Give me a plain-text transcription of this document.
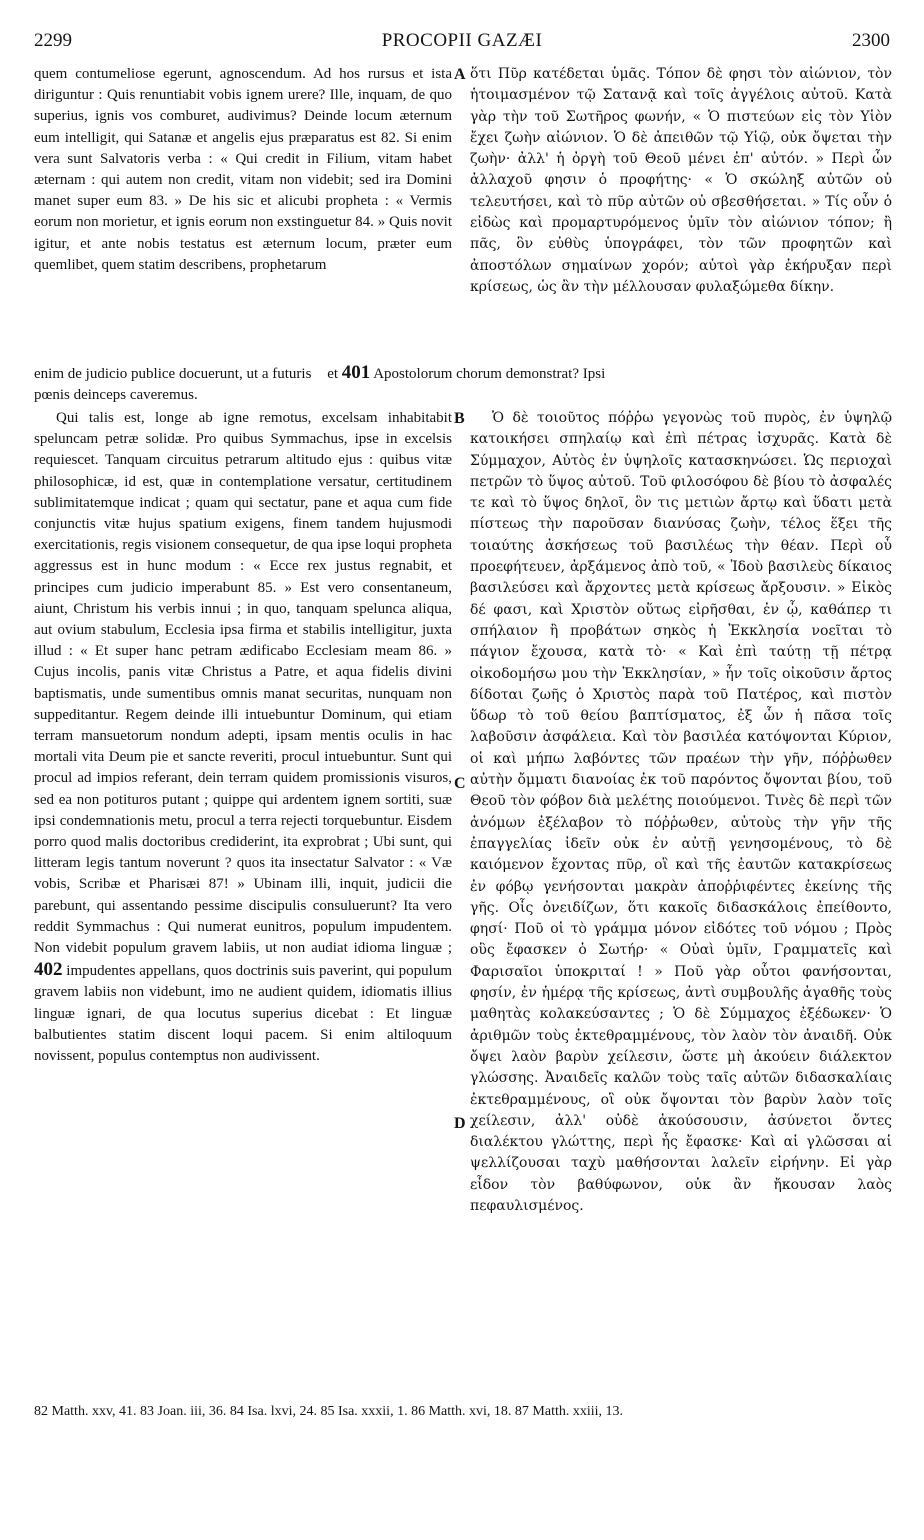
2299	PROCOPII GAZÆI	2300

quem contumeliose egerunt, agnoscendum. Ad hos rursus et ista diriguntur : Quis renuntiabit vobis ignem urere? Ille, inquam, de quo superius, ignis vos comburet, audivimus? Deinde locum æternum eum intelligit, qui Satanæ et angelis ejus præparatus est 82. Si enim vera sunt Salvatoris verba : « Qui credit in Filium, vitam habet æternam : qui autem non credit, vitam non videbit; sed ira Domini manet super eum 83. » De his sic et alicubi propheta : « Vermis eorum non morietur, et ignis eorum non exstinguetur 84. » Quis novit igitur, et ante nobis testatus est æternum locum, præter eum quemlibet, quem statim describens, prophetarum

A ὅτι Πῦρ κατέδεται ὑμᾶς. Τόπον δὲ φησι τὸν αἰώνιον, τὸν ἡτοιμασμένον τῷ Σατανᾷ καὶ τοῖς ἀγγέλοις αὐτοῦ. Κατὰ γὰρ τὴν τοῦ Σωτῆρος φωνήν, « Ὁ πιστεύων εἰς τὸν Υἱὸν ἔχει ζωὴν αἰώνιον. Ὁ δὲ ἀπειθῶν τῷ Υἱῷ, οὐκ ὄψεται τὴν ζωὴν· ἀλλ' ἡ ὀργὴ τοῦ Θεοῦ μένει ἐπ' αὐτόν. » Περὶ ὧν ἀλλαχοῦ φησιν ὁ προφήτης· « Ὁ σκώληξ αὐτῶν οὐ τελευτήσει, καὶ τὸ πῦρ αὐτῶν οὐ σβεσθήσεται. » Τίς οὖν ὁ εἰδὼς καὶ προμαρτυρόμενος ὑμῖν τὸν αἰώνιον τόπον; ἢ πᾶς, ὃν εὐθὺς ὑπογράφει, τὸν τῶν προφητῶν καὶ ἀποστόλων σημαίνων χορόν; αὐτοὶ γὰρ ἐκήρυξαν περὶ κρίσεως, ὡς ἂν τὴν μέλλουσαν φυλαξώμεθα δίκην.

enim de judicio publice docuerunt, ut a futuris et 401 Apostolorum chorum demonstrat? Ipsi
pœnis deinceps caveremus.

Qui talis est, longe ab igne remotus, excelsam inhabitabit speluncam petræ solidæ. Pro quibus Symmachus, ipse in excelsis requiescet. Tanquam circuitus petrarum altitudo ejus : quibus vitæ philosophicæ, id est, quæ in contemplatione versatur, certitudinem sublimitatemque indicat ; quam qui sectatur, pane et aqua cum fide conjunctis vitæ hujus spatium exigens, finem tandem hujusmodi exercitationis, regis visionem consequetur, de qua ipse loqui propheta aggressus est in hunc modum : « Ecce rex justus regnabit, et principes cum judicio imperabunt 85. » Est vero consentaneum, aiunt, Christum his verbis innui ; in quo, tanquam spelunca aliqua, aut ovium stabulum, Ecclesia ipsa firma et stabilis intelligitur, juxta illud : « Et super hanc petram ædificabo Ecclesiam meam 86. » Cujus incolis, panis vitæ Christus a Patre, et aqua fidelis divini baptismatis, unde sumentibus omnis manat securitas, nunquam non suppeditantur. Regem deinde illi intuebuntur Dominum, qui etiam terram mansuetorum nondum adepti, ipsam mentis oculis in hac mortali vita Deum pie et sancte reveriti, procul intuebuntur. Sunt qui procul ad impios referant, dein terram quidem promissionis visuros, sed ea non potituros putant ; quippe qui ardentem ignem sortiti, suæ ipsi condemnationis metu, procul a terra rejecti torquebuntur. Eisdem porro quod malis doctoribus crediderint, ita exprobrat ; Ubi sunt, qui litteram legis tantum noverunt ? quos ita insectatur Salvator : « Væ vobis, Scribæ et Pharisæi 87! » Ubinam illi, inquit, judicii die parebunt, qui assentando pessime discipulis consuluerunt? Ita vero reddit Symmachus : Qui numerat eunitros, populum impudentem. Non videbit populum gravem labiis, ut non audiat idioma linguæ ; 402 impudentes appellans, quos doctrinis suis paverint, qui populum gravem labiis non videbunt, imo ne audient quidem, idiomatis illius linguæ ignari, de qua locutus superius dicebat : Et linguæ balbutientes statim discent loqui pacem. Si enim altiloquum novissent, populus contemptus non audivissent.

B
C
D

Ὁ δὲ τοιοῦτος πόῤῥω γεγονὼς τοῦ πυρὸς, ἐν ὑψηλῷ κατοικήσει σπηλαίῳ καὶ ἐπὶ πέτρας ἰσχυρᾶς. Κατὰ δὲ Σύμμαχον, Αὐτὸς ἐν ὑψηλοῖς κατασκηνώσει. Ὡς περιοχαὶ πετρῶν τὸ ὕψος αὐτοῦ. Τοῦ φιλοσόφου δὲ βίου τὸ ἀσφαλές τε καὶ τὸ ὕψος δηλοῖ, ὃν τις μετιὼν ἄρτῳ καὶ ὕδατι μετὰ πίστεως τὴν παροῦσαν διανύσας ζωὴν, τέλος ἕξει τῆς τοιαύτης ἀσκήσεως τοῦ βασιλέως τὴν θέαν. Περὶ οὗ προεφήτευεν, ἀρξάμενος ἀπὸ τοῦ, « Ἰδοὺ βασιλεὺς δίκαιος βασιλεύσει καὶ ἄρχοντες μετὰ κρίσεως ἄρξουσιν. » Εἰκὸς δέ φασι, καὶ Χριστὸν οὕτως εἰρῆσθαι, ἐν ᾧ, καθάπερ τι σπήλαιον ἢ προβάτων σηκὸς ἡ Ἐκκλησία νοεῖται τὸ πάγιον ἔχουσα, κατὰ τὸ· « Καὶ ἐπὶ ταύτῃ τῇ πέτρᾳ οἰκοδομήσω μου τὴν Ἐκκλησίαν, » ἧν τοῖς οἰκοῦσιν ἄρτος δίδοται ζωῆς ὁ Χριστὸς παρὰ τοῦ Πατέρος, καὶ πιστὸν ὕδωρ τὸ τοῦ θείου βαπτίσματος, ἐξ ὧν ἡ πᾶσα τοῖς λαβοῦσιν ἀσφάλεια. Καὶ τὸν βασιλέα κατόψονται Κύριον, οἱ καὶ μήπω λαβόντες τῶν πραέων τὴν γῆν, πόῤῥωθεν αὐτὴν ὄμματι διανοίας ἐκ τοῦ παρόντος ὄψονται βίου, τοῦ Θεοῦ τὸν φόβον διὰ μελέτης ποιούμενοι. Τινὲς δὲ περὶ τῶν ἀνόμων ἐξέλαβον τὸ πόῤῥωθεν, αὐτοὺς τὴν γῆν τῆς ἐπαγγελίας ἰδεῖν οὐκ ἐν αὐτῇ γενησομένους, τὸ δὲ καιόμενον ἔχοντας πῦρ, οἳ καὶ τῆς ἑαυτῶν κατακρίσεως ἐν φόβῳ γενήσονται μακρὰν ἀποῤῥιφέντες ἐκείνης τῆς γῆς. Οἷς ὀνειδίζων, ὅτι κακοῖς διδασκάλοις ἐπείθοντο, φησί· Ποῦ οἱ τὸ γράμμα μόνον εἰδότες τοῦ νόμου ; Πρὸς οὓς ἔφασκεν ὁ Σωτήρ· « Οὐαὶ ὑμῖν, Γραμματεῖς καὶ Φαρισαῖοι ὑποκριταί ! » Ποῦ γὰρ οὗτοι φανήσονται, φησίν, ἐν ἡμέρᾳ τῆς κρίσεως, ἀντὶ συμβουλῆς ἀγαθῆς τοὺς μαθητὰς κολακεύσαντες ; Ὁ δὲ Σύμμαχος ἐξέδωκεν· Ὁ ἀριθμῶν τοὺς ἐκτεθραμμένους, τὸν λαὸν τὸν ἀναιδῆ. Οὐκ ὄψει λαὸν βαρὺν χείλεσιν, ὥστε μὴ ἀκούειν διάλεκτον γλώσσης. Ἀναιδεῖς καλῶν τοὺς ταῖς αὐτῶν διδασκαλίαις ἐκτεθραμμένους, οἳ οὐκ ὄψονται τὸν βαρὺν λαὸν τοῖς χείλεσιν, ἀλλ' οὐδὲ ἀκούσουσιν, ἀσύνετοι ὄντες διαλέκτου γλώττης, περὶ ἧς ἔφασκε· Καὶ αἱ γλῶσσαι αἱ ψελλίζουσαι ταχὺ μαθήσονται λαλεῖν εἰρήνην. Εἰ γὰρ εἶδον τὸν βαθύφωνον, οὐκ ἂν ἤκουσαν λαὸς πεφαυλισμένος.

82 Matth. xxv, 41. 83 Joan. iii, 36. 84 Isa. lxvi, 24. 85 Isa. xxxii, 1. 86 Matth. xvi, 18. 87 Matth. xxiii, 13.
